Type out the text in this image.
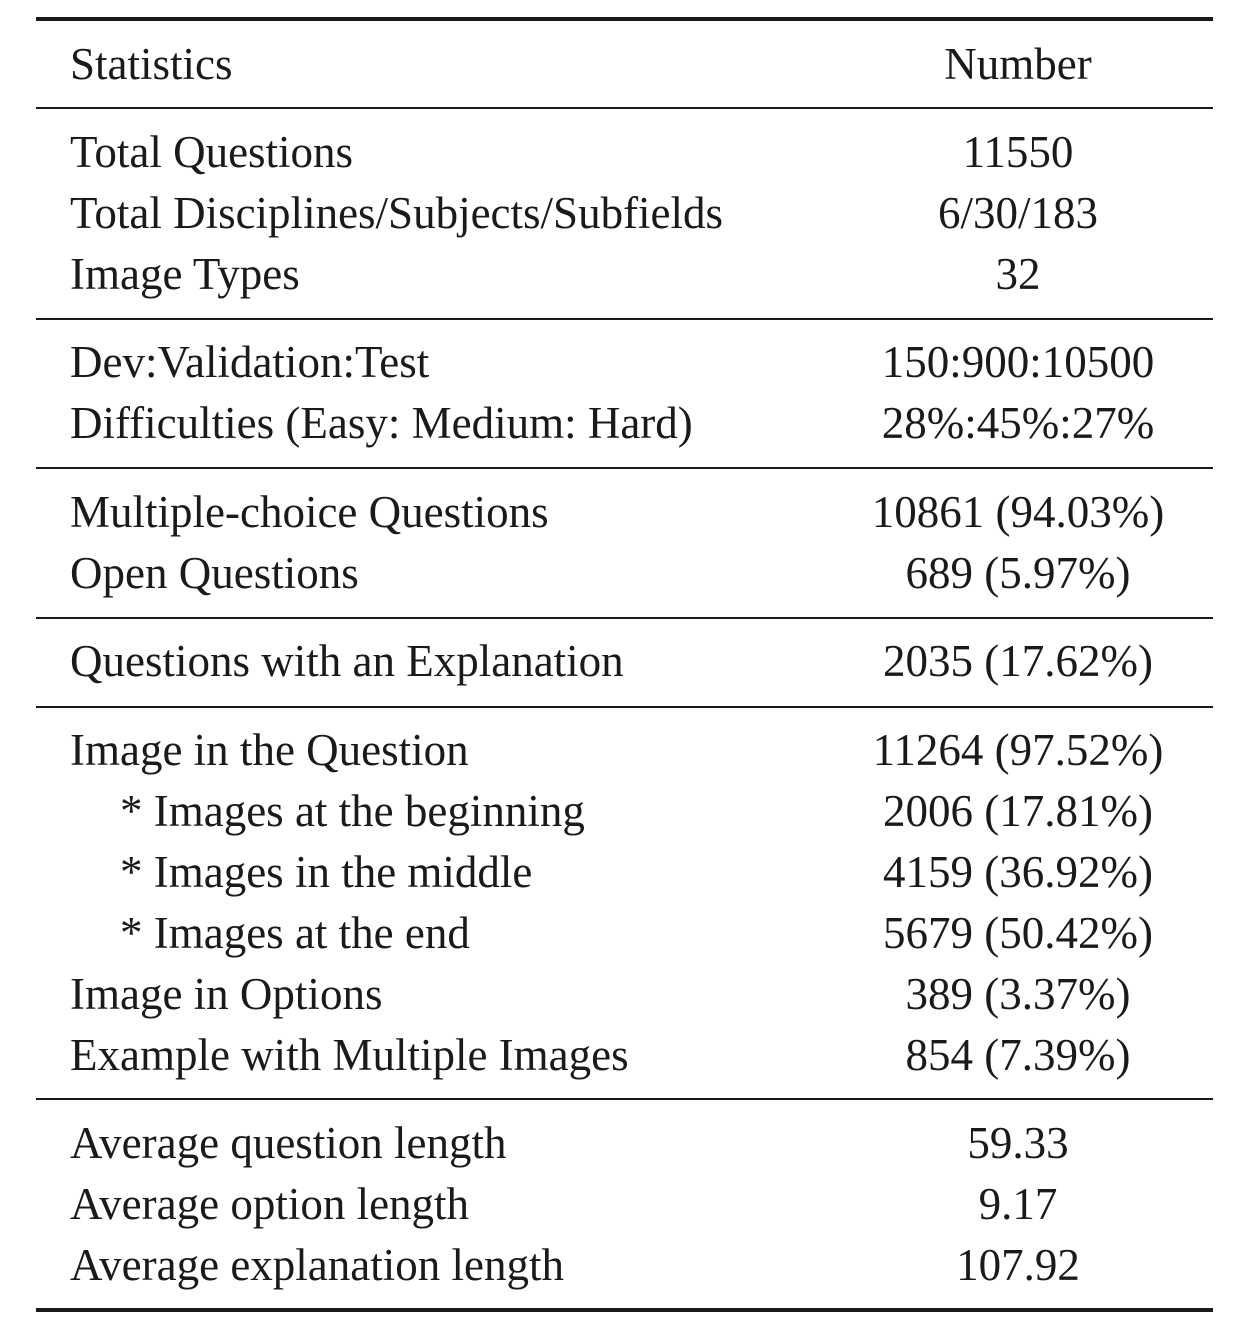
Statistics	Number
Total Questions	11550
Total Disciplines/Subjects/Subfields	6/30/183
Image Types	32
Dev:Validation:Test	150:900:10500
Difficulties (Easy: Medium: Hard)	28%:45%:27%
Multiple-choice Questions	10861 (94.03%)
Open Questions	689 (5.97%)
Questions with an Explanation	2035 (17.62%)
Image in the Question	11264 (97.52%)
* Images at the beginning	2006 (17.81%)
* Images in the middle	4159 (36.92%)
* Images at the end	5679 (50.42%)
Image in Options	389 (3.37%)
Example with Multiple Images	854 (7.39%)
Average question length	59.33
Average option length	9.17
Average explanation length	107.92
